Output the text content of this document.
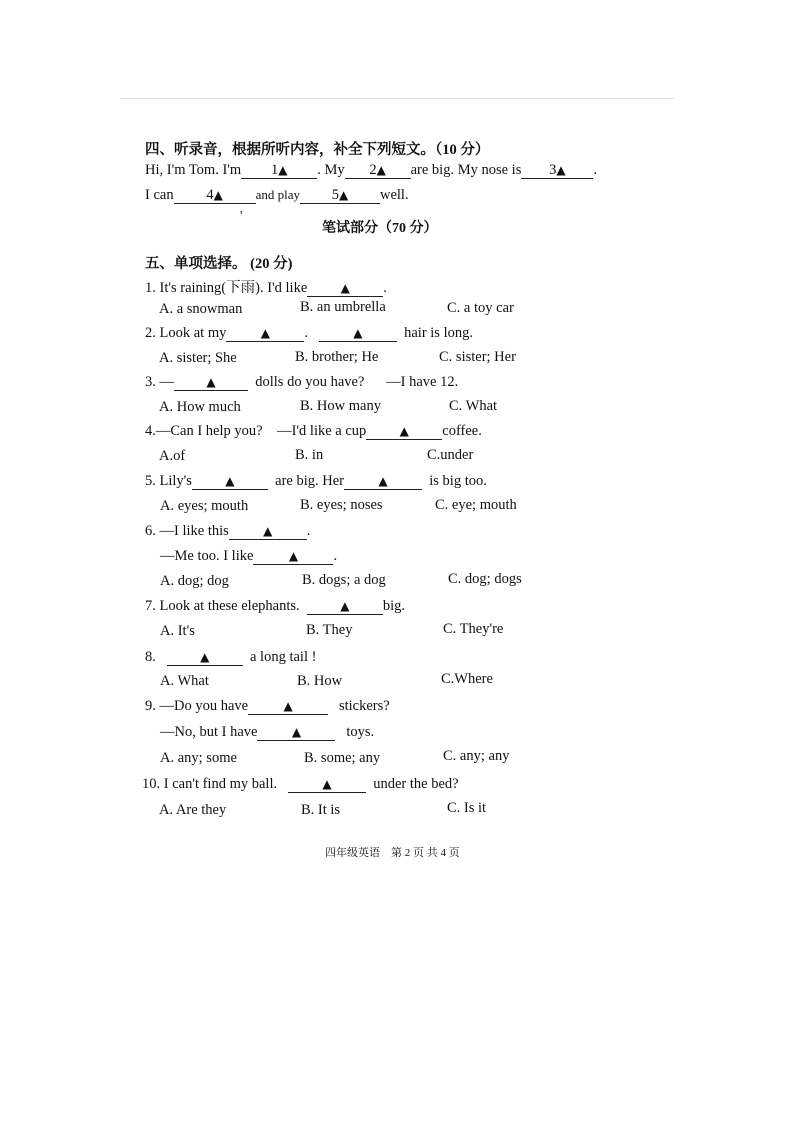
四、听录音，根据所听内容，补全下列短文。（10 分）
Hi, I'm Tom. I'm 1▲ . My 2▲ are big. My nose is 3▲ .
I can 4▲	and play 5▲ well.
'
笔试部分（70 分）
五、单项选择。 (20 分)
1. It's raining(下雨). I'd like	▲ .
A. a snowman	B. an umbrella	C. a toy car
2. Look at my	▲ .	▲	hair is long.
A. sister; She	B. brother; He	C. sister; Her
3. —	▲	dolls do you have? —I have 12.
A. How much	B. How many	C. What
4.—Can I help you? —I'd like a cup	▲ coffee.
A.of	B. in	C.under
5. Lily's	▲	are big. Her	▲	is big too.
A. eyes; mouth	B. eyes; noses	C. eye; mouth
6. —I like this	▲ .
—Me too. I like	▲ .
A. dog; dog	B. dogs; a dog	C. dog; dogs
7. Look at these elephants.	▲ big.
A. It's	B. They	C. They're
8.	▲	a long tail !
A. What	B. How	C.Where
9. —Do you have	▲	stickers?
—No, but I have	▲	toys.
A. any; some	B. some; any	C. any; any
10. I can't find my ball.	▲	under the bed?
A. Are they	B. It is	C. Is it
四年级英语　第 2 页 共 4 页
